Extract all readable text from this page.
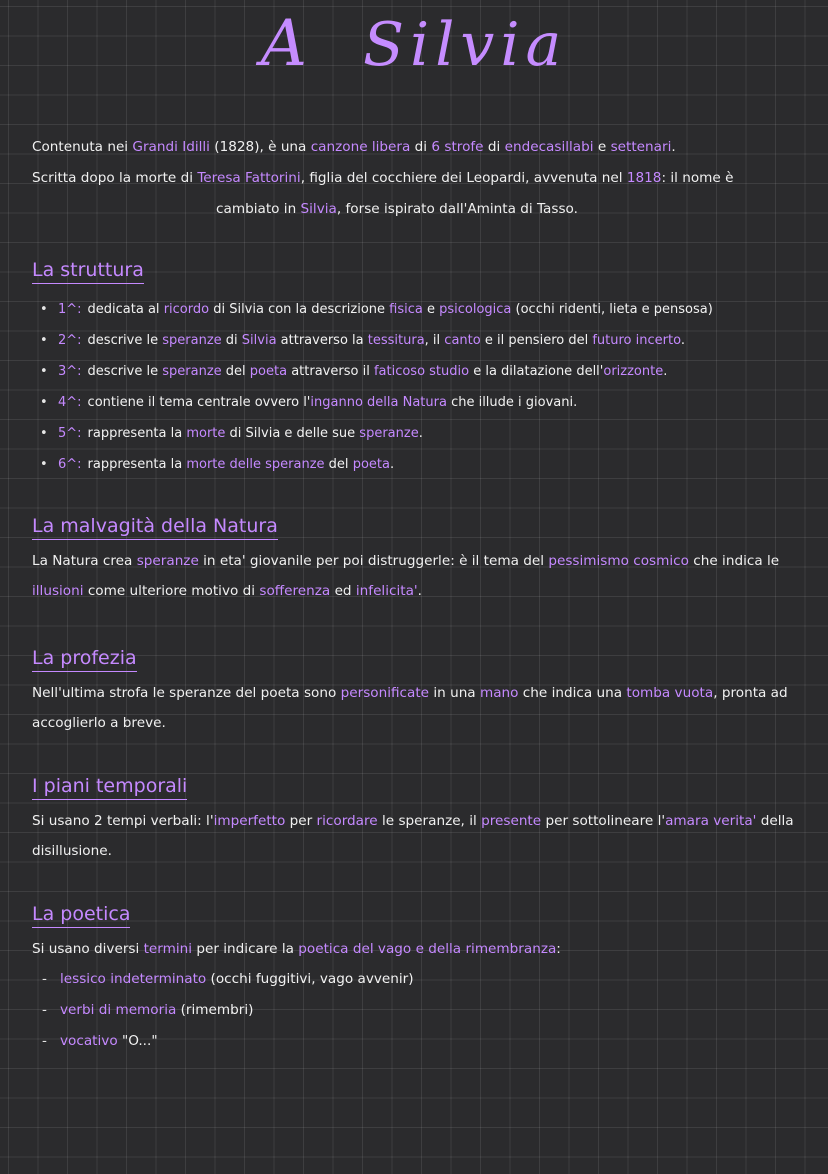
A Silvia
Contenuta nei Grandi Idilli (1828), è una canzone libera di 6 strofe di endecasillabi e settenari.
Scritta dopo la morte di Teresa Fattorini, figlia del cocchiere dei Leopardi, avvenuta nel 1818: il nome è
cambiato in Silvia, forse ispirato dall'Aminta di Tasso.
La struttura
• 1^: dedicata al ricordo di Silvia con la descrizione fisica e psicologica (occhi ridenti, lieta e pensosa)
• 2^: descrive le speranze di Silvia attraverso la tessitura, il canto e il pensiero del futuro incerto.
• 3^: descrive le speranze del poeta attraverso il faticoso studio e la dilatazione dell'orizzonte.
• 4^: contiene il tema centrale ovvero l'inganno della Natura che illude i giovani.
• 5^: rappresenta la morte di Silvia e delle sue speranze.
• 6^: rappresenta la morte delle speranze del poeta.
La malvagità della Natura
La Natura crea speranze in eta' giovanile per poi distruggerle: è il tema del pessimismo cosmico che indica le illusioni come ulteriore motivo di sofferenza ed infelicita'.
La profezia
Nell'ultima strofa le speranze del poeta sono personificate in una mano che indica una tomba vuota, pronta ad accoglierlo a breve.
I piani temporali
Si usano 2 tempi verbali: l'imperfetto per ricordare le speranze, il presente per sottolineare l'amara verita' della disillusione.
La poetica
Si usano diversi termini per indicare la poetica del vago e della rimembranza:
- lessico indeterminato (occhi fuggitivi, vago avvenir)
- verbi di memoria (rimembri)
- vocativo "O..."
